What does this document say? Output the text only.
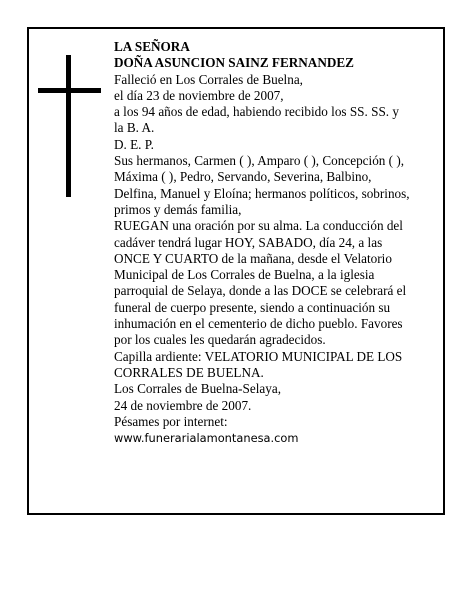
LA SEÑORA
DOÑA ASUNCION SAINZ FERNANDEZ
Falleció en Los Corrales de Buelna,
el día 23 de noviembre de 2007,
a los 94 años de edad, habiendo recibido los SS. SS. y
la B. A.
D. E. P.
Sus hermanos, Carmen ( ), Amparo ( ), Concepción ( ),
Máxima ( ), Pedro, Servando, Severina, Balbino,
Delfina, Manuel y Eloína; hermanos políticos, sobrinos,
primos y demás familia,
RUEGAN una oración por su alma. La conducción del
cadáver tendrá lugar HOY, SABADO, día 24, a las
ONCE Y CUARTO de la mañana, desde el Velatorio
Municipal de Los Corrales de Buelna, a la iglesia
parroquial de Selaya, donde a las DOCE se celebrará el
funeral de cuerpo presente, siendo a continuación su
inhumación en el cementerio de dicho pueblo. Favores
por los cuales les quedarán agradecidos.
Capilla ardiente: VELATORIO MUNICIPAL DE LOS
CORRALES DE BUELNA.
Los Corrales de Buelna-Selaya,
24 de noviembre de 2007.
Pésames por internet:
www.funerarialamontanesa.com
